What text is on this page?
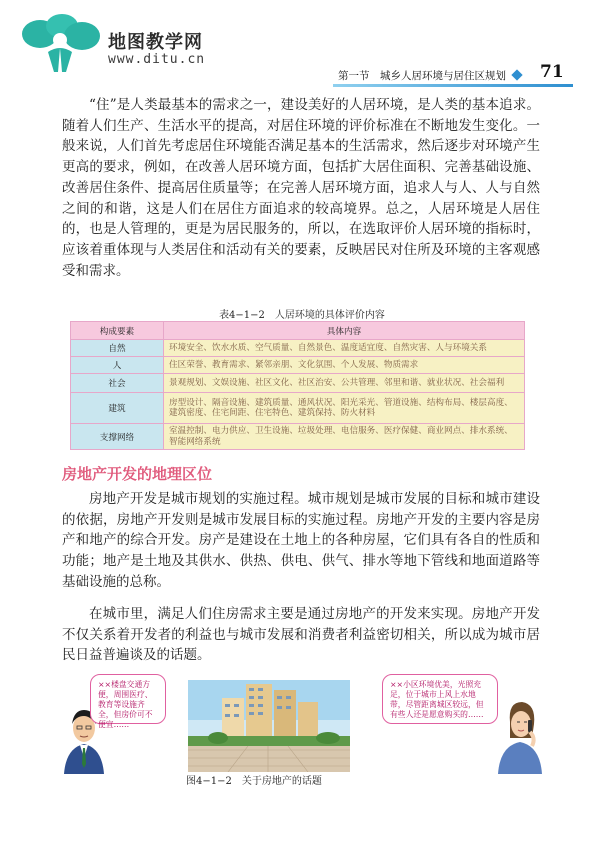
地图教学网
www.ditu.cn
第一节　城乡人居环境与居住区规划 71

“住”是人类最基本的需求之一，建设美好的人居环境，是人类的基本追求。随着人们生产、生活水平的提高，对居住环境的评价标准在不断地发生变化。一般来说，人们首先考虑居住环境能否满足基本的生活需求，然后逐步对环境产生更高的要求，例如，在改善人居环境方面，包括扩大居住面积、完善基础设施、改善居住条件、提高居住质量等；在完善人居环境方面，追求人与人、人与自然之间的和谐，这是人们在居住方面追求的较高境界。总之，人居环境是人居住的，也是人管理的，更是为居民服务的，所以，在选取评价人居环境的指标时，应该着重体现与人类居住和活动有关的要素，反映居民对住所及环境的主客观感受和需求。

表4−1−2　人居环境的具体评价内容
构成要素	具体内容
自然	环境安全、饮水水质、空气质量、自然景色、温度适宜度、自然灾害、人与环境关系
人	住区荣誉、教育需求、紧邻亲朋、文化氛围、个人发展、物质需求
社会	景观规划、文娱设施、社区文化、社区治安、公共管理、邻里和谐、就业状况、社会福利
建筑	房型设计、隔音设施、建筑质量、通风状况、阳光采光、管道设施、结构布局、楼层高度、建筑密度、住宅间距、住宅特色、建筑保持、防火材料
支撑网络	室温控制、电力供应、卫生设施、垃圾处理、电信服务、医疗保健、商业网点、排水系统、智能网络系统
房地产开发的地理区位

房地产开发是城市规划的实施过程。城市规划是城市发展的目标和城市建设的依据，房地产开发则是城市发展目标的实施过程。房地产开发的主要内容是房产和地产的综合开发。房产是建设在土地上的各种房屋，它们具有各自的性质和功能；地产是土地及其供水、供热、供电、供气、排水等地下管线和地面道路等基础设施的总称。

在城市里，满足人们住房需求主要是通过房地产的开发来实现。房地产开发不仅关系着开发者的利益也与城市发展和消费者利益密切相关，所以成为城市居民日益普遍谈及的话题。

××楼盘交通方便，周围医疗、教育等设施齐全，但房价可不便宜……
××小区环境优美，光照充足，位于城市上风上水地带，尽管距离城区较远，但有些人还是愿意购买的……
图4−1−2　关于房地产的话题
